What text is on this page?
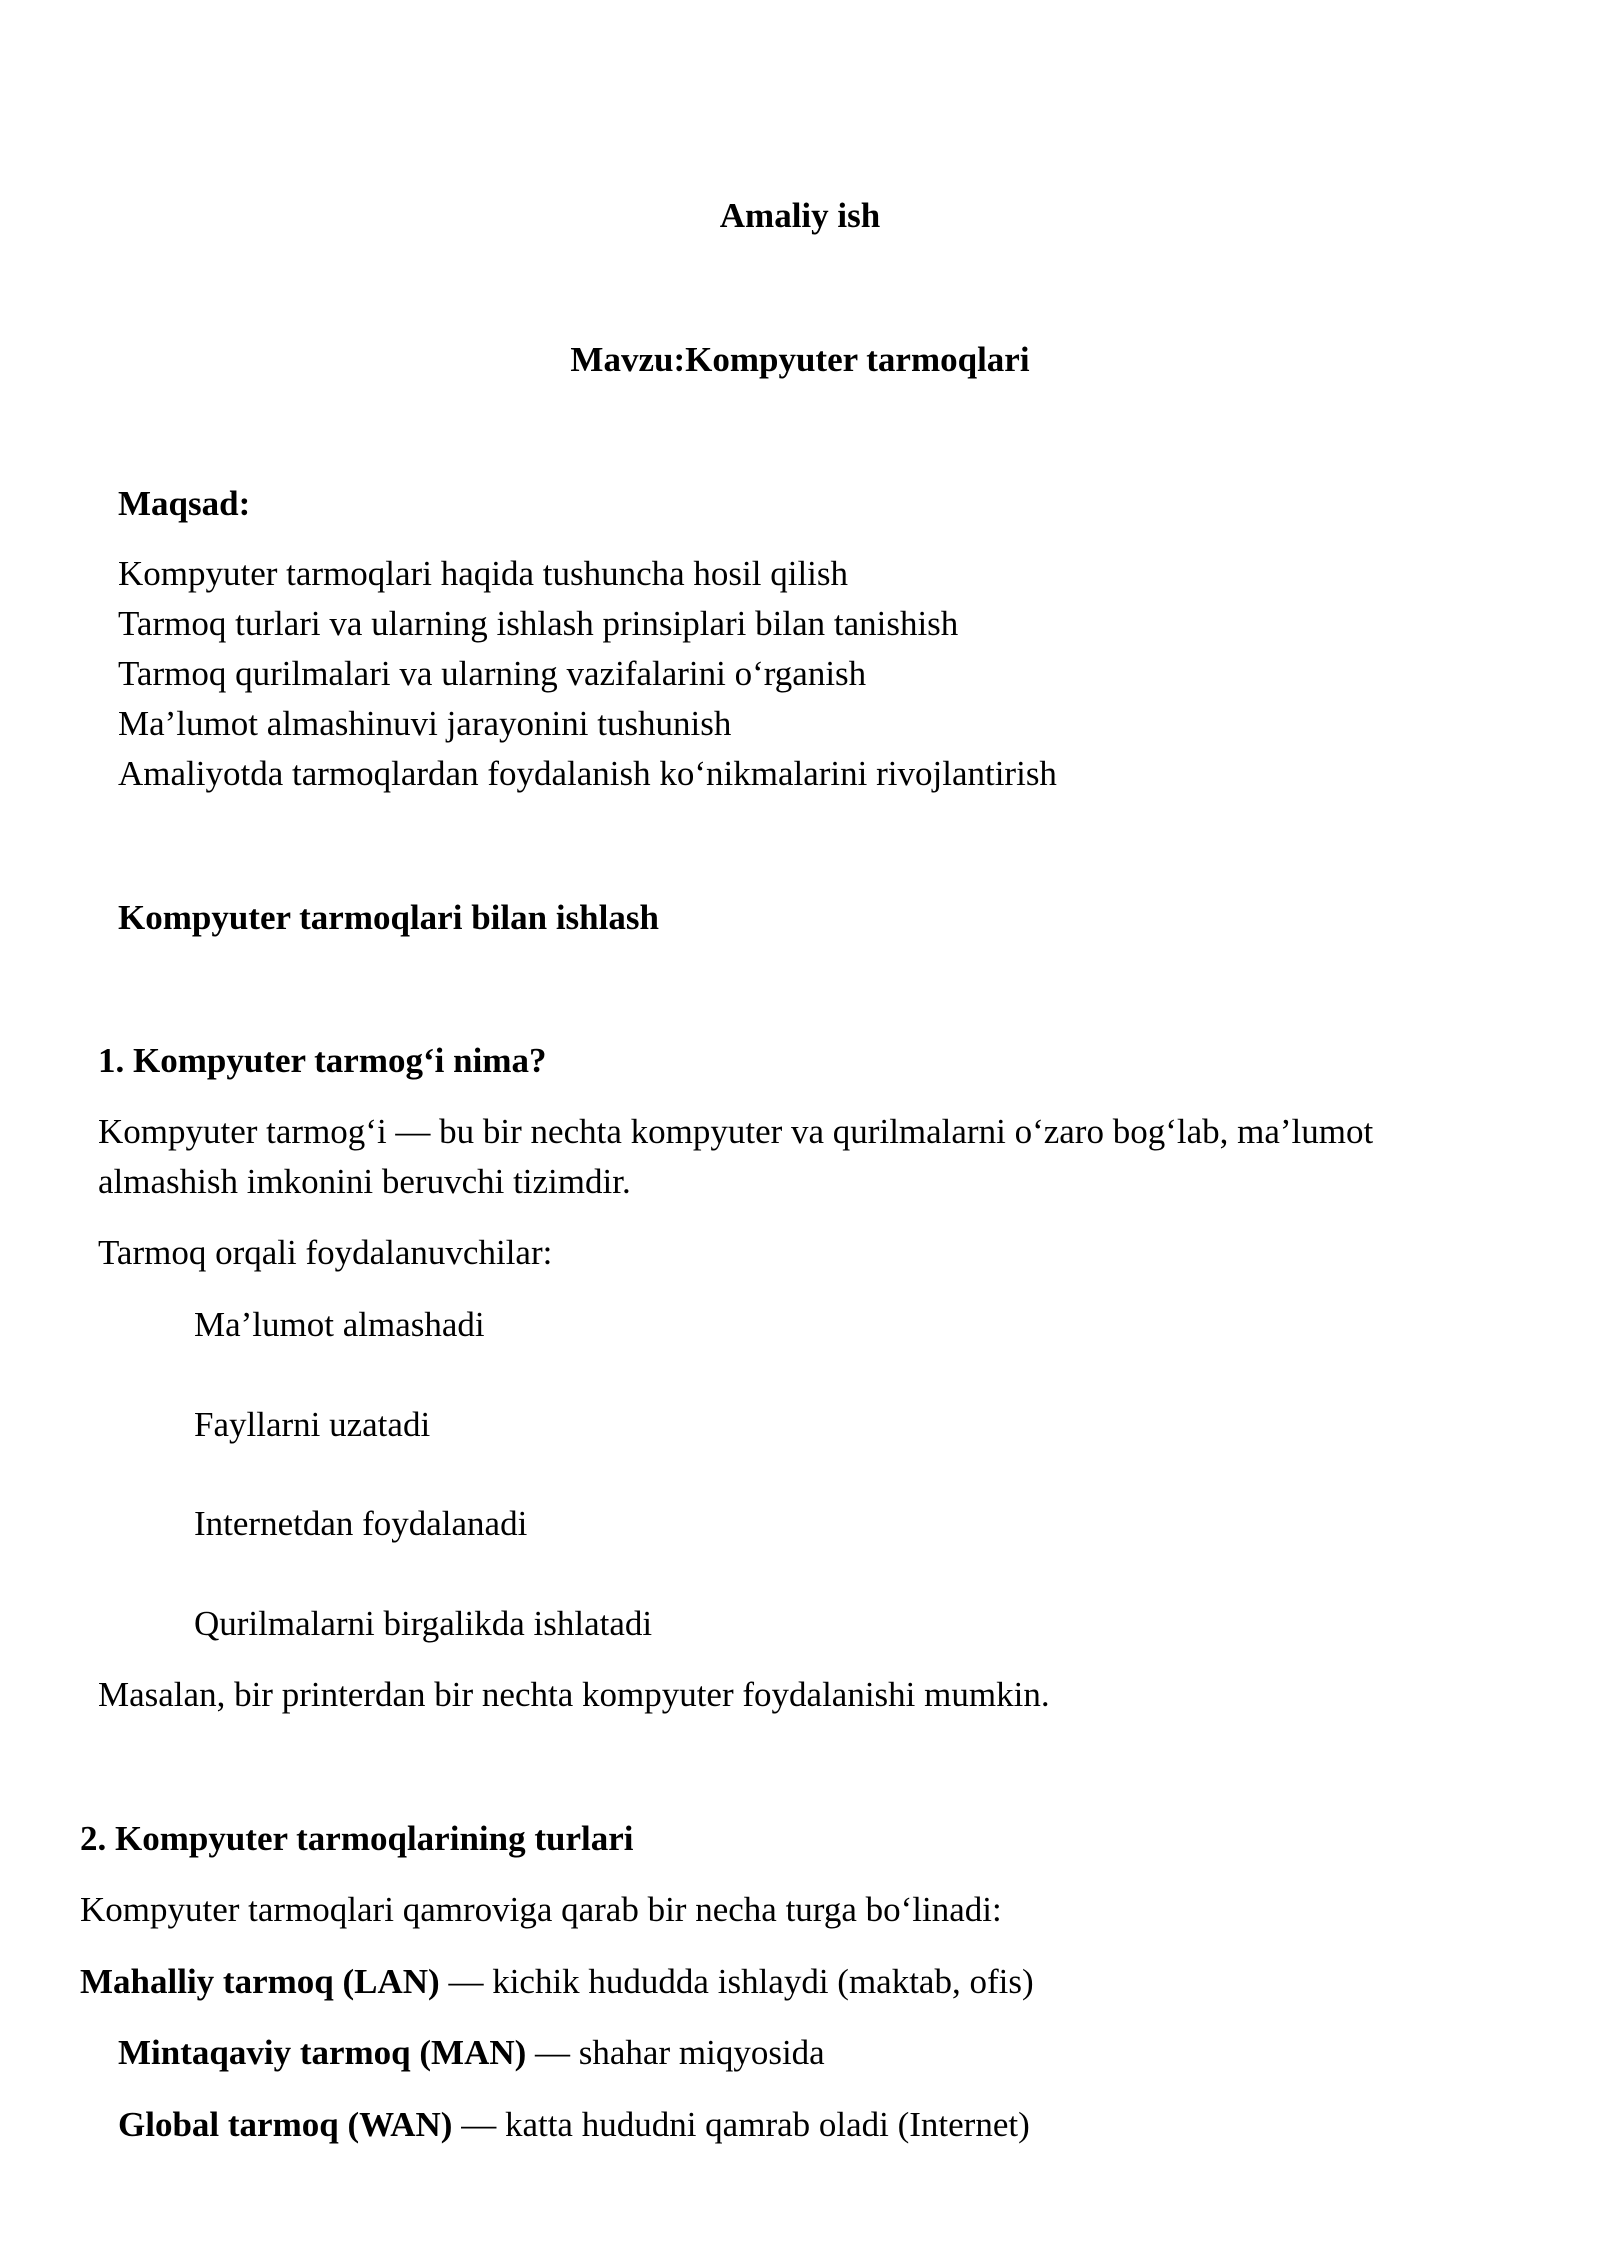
Amaliy ish
Mavzu:Kompyuter tarmoqlari
Maqsad:
Kompyuter tarmoqlari haqida tushuncha hosil qilish
Tarmoq turlari va ularning ishlash prinsiplari bilan tanishish
Tarmoq qurilmalari va ularning vazifalarini o‘rganish
Ma’lumot almashinuvi jarayonini tushunish
Amaliyotda tarmoqlardan foydalanish ko‘nikmalarini rivojlantirish
Kompyuter tarmoqlari bilan ishlash
1. Kompyuter tarmog‘i nima?
Kompyuter tarmog‘i — bu bir nechta kompyuter va qurilmalarni o‘zaro bog‘lab, ma’lumot
almashish imkonini beruvchi tizimdir.
Tarmoq orqali foydalanuvchilar:
Ma’lumot almashadi
Fayllarni uzatadi
Internetdan foydalanadi
Qurilmalarni birgalikda ishlatadi
Masalan, bir printerdan bir nechta kompyuter foydalanishi mumkin.
2. Kompyuter tarmoqlarining turlari
Kompyuter tarmoqlari qamroviga qarab bir necha turga bo‘linadi:
Mahalliy tarmoq (LAN) — kichik hududda ishlaydi (maktab, ofis)
Mintaqaviy tarmoq (MAN) — shahar miqyosida
Global tarmoq (WAN) — katta hududni qamrab oladi (Internet)
